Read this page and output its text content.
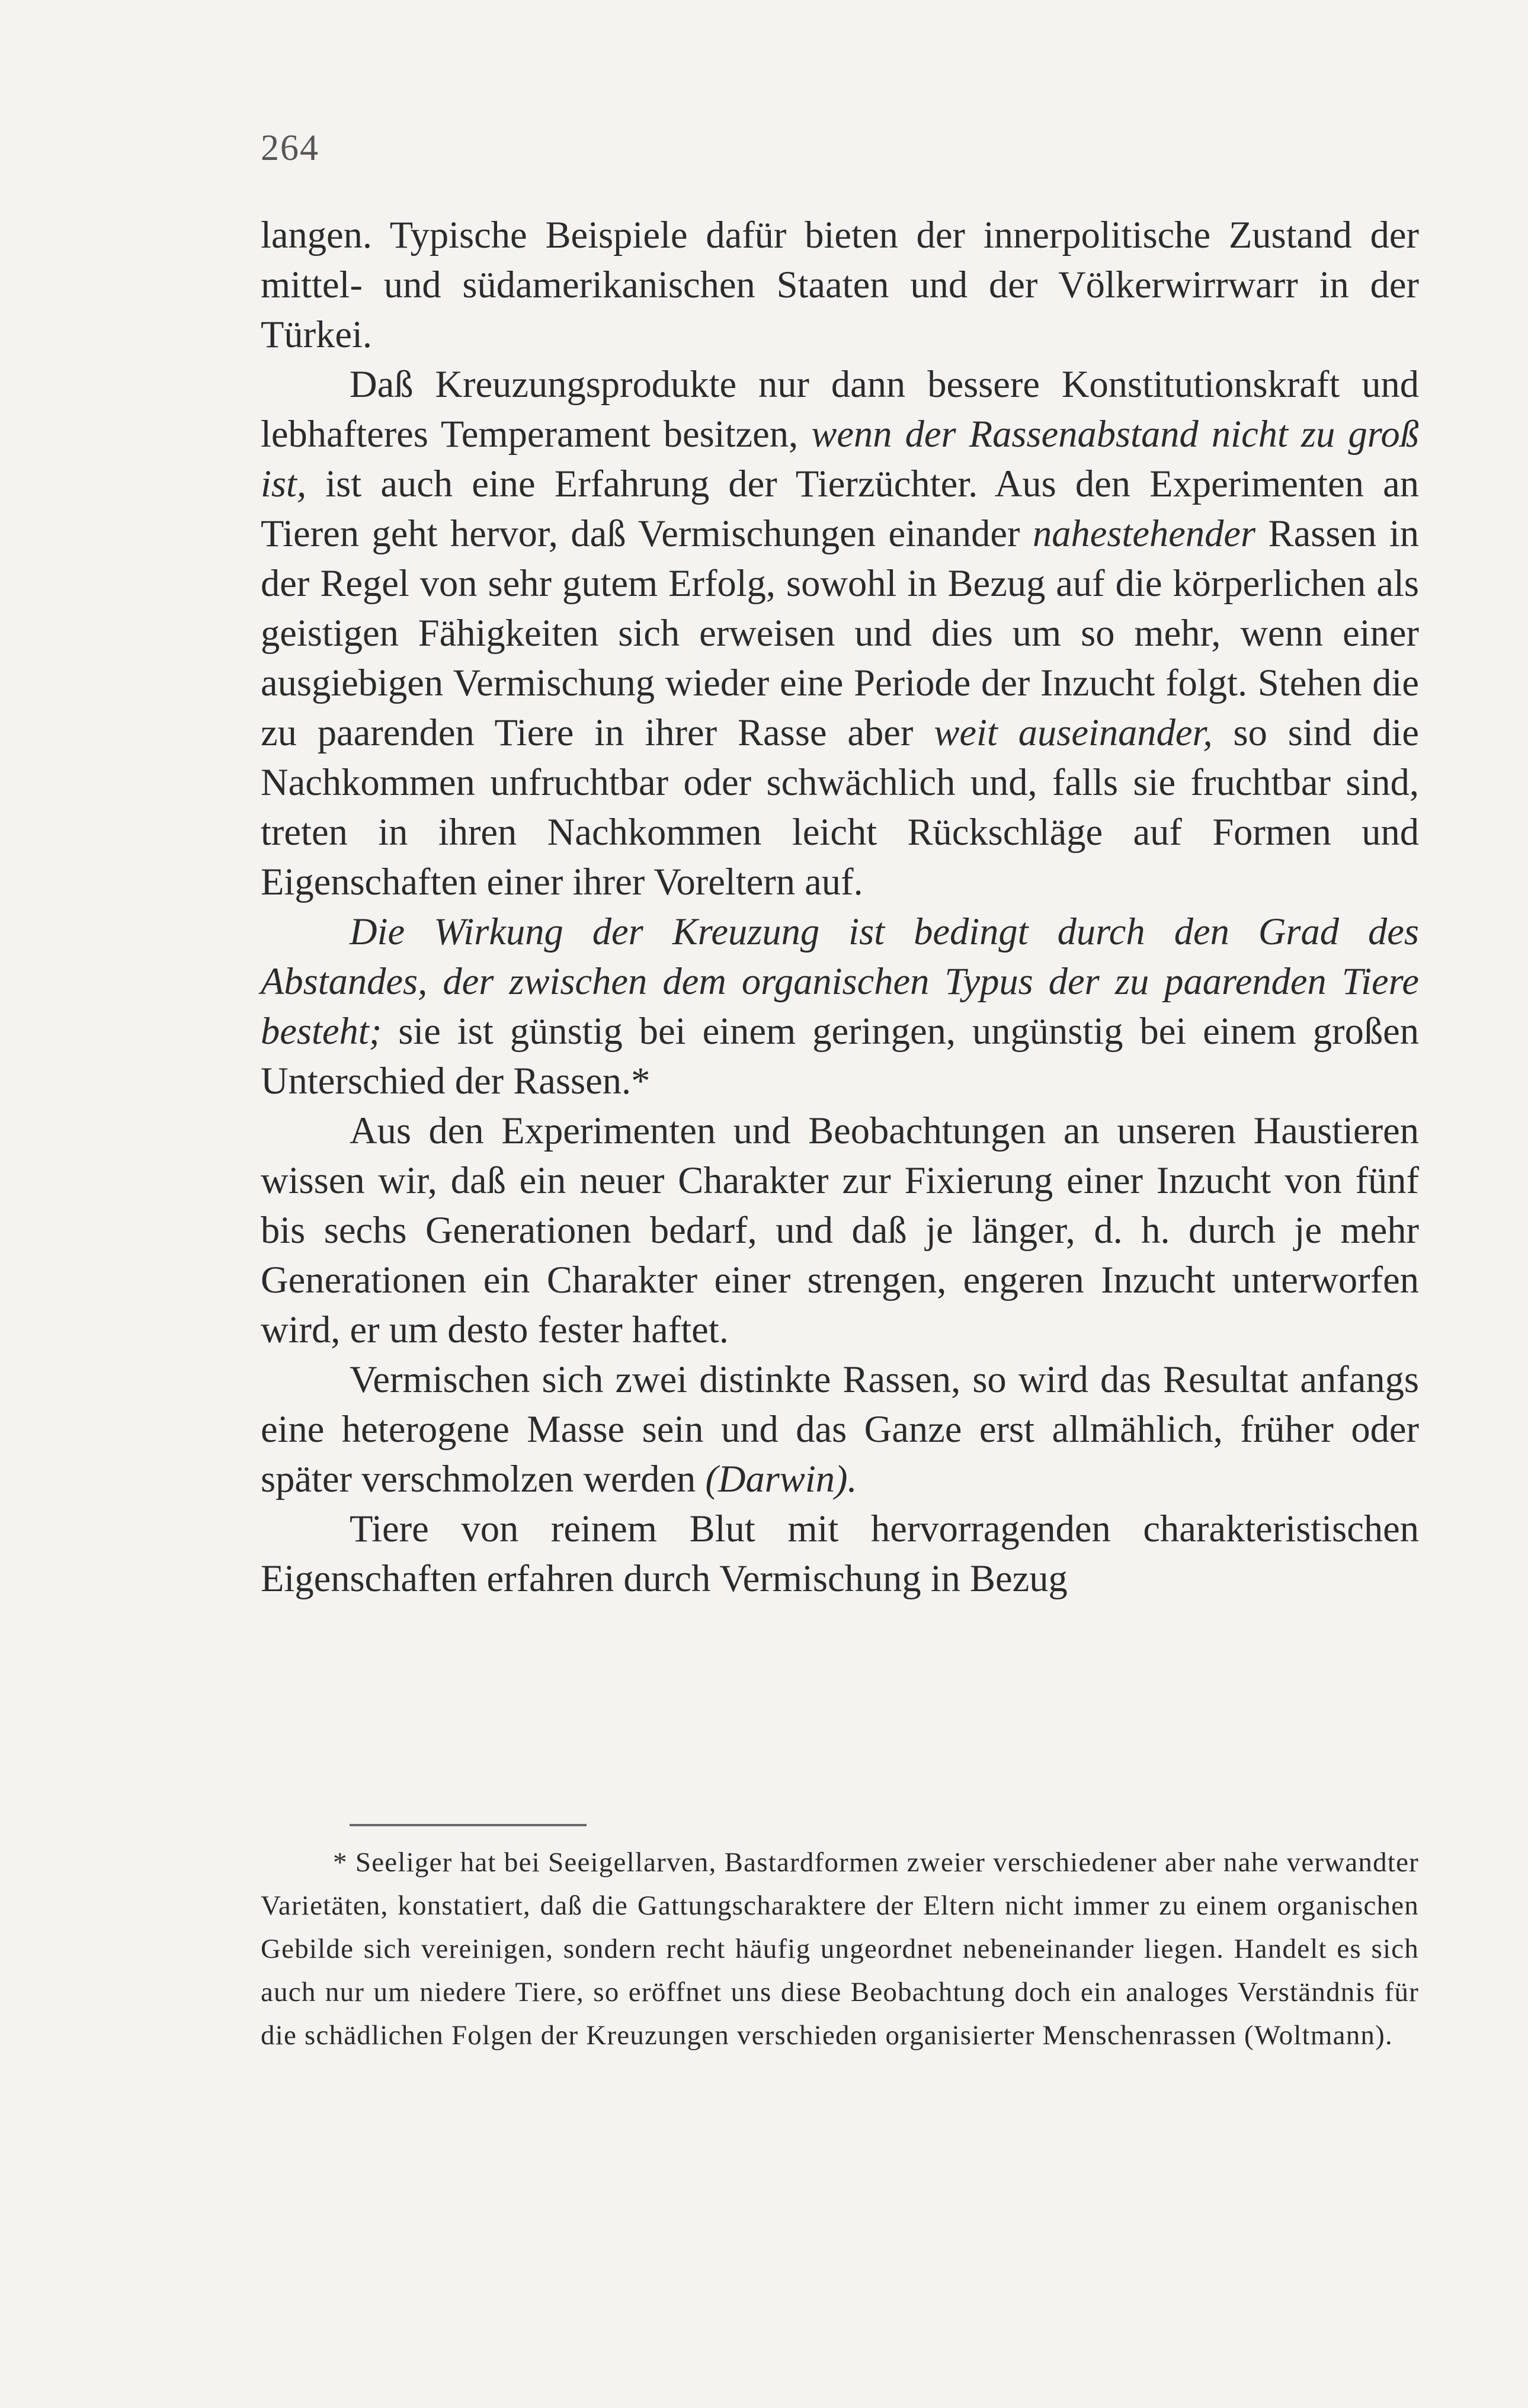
264

langen. Typische Beispiele dafür bieten der innerpolitische Zustand der mittel- und südamerikanischen Staaten und der Völkerwirrwarr in der Türkei.

Daß Kreuzungsprodukte nur dann bessere Konstitutionskraft und lebhafteres Temperament besitzen, wenn der Rassenabstand nicht zu groß ist, ist auch eine Erfahrung der Tierzüchter. Aus den Experimenten an Tieren geht hervor, daß Vermischungen einander nahestehender Rassen in der Regel von sehr gutem Erfolg, sowohl in Bezug auf die körperlichen als geistigen Fähigkeiten sich erweisen und dies um so mehr, wenn einer ausgiebigen Vermischung wieder eine Periode der Inzucht folgt. Stehen die zu paarenden Tiere in ihrer Rasse aber weit auseinander, so sind die Nachkommen unfruchtbar oder schwächlich und, falls sie fruchtbar sind, treten in ihren Nachkommen leicht Rückschläge auf Formen und Eigenschaften einer ihrer Voreltern auf.

Die Wirkung der Kreuzung ist bedingt durch den Grad des Abstandes, der zwischen dem organischen Typus der zu paarenden Tiere besteht; sie ist günstig bei einem geringen, ungünstig bei einem großen Unterschied der Rassen.*

Aus den Experimenten und Beobachtungen an unseren Haustieren wissen wir, daß ein neuer Charakter zur Fixierung einer Inzucht von fünf bis sechs Generationen bedarf, und daß je länger, d. h. durch je mehr Generationen ein Charakter einer strengen, engeren Inzucht unterworfen wird, er um desto fester haftet.

Vermischen sich zwei distinkte Rassen, so wird das Resultat anfangs eine heterogene Masse sein und das Ganze erst allmählich, früher oder später verschmolzen werden (Darwin).

Tiere von reinem Blut mit hervorragenden charakteristischen Eigenschaften erfahren durch Vermischung in Bezug

* Seeliger hat bei Seeigellarven, Bastardformen zweier verschiedener aber nahe verwandter Varietäten, konstatiert, daß die Gattungscharaktere der Eltern nicht immer zu einem organischen Gebilde sich vereinigen, sondern recht häufig ungeordnet nebeneinander liegen. Handelt es sich auch nur um niedere Tiere, so eröffnet uns diese Beobachtung doch ein analoges Verständnis für die schädlichen Folgen der Kreuzungen verschieden organisierter Menschenrassen (Woltmann).
